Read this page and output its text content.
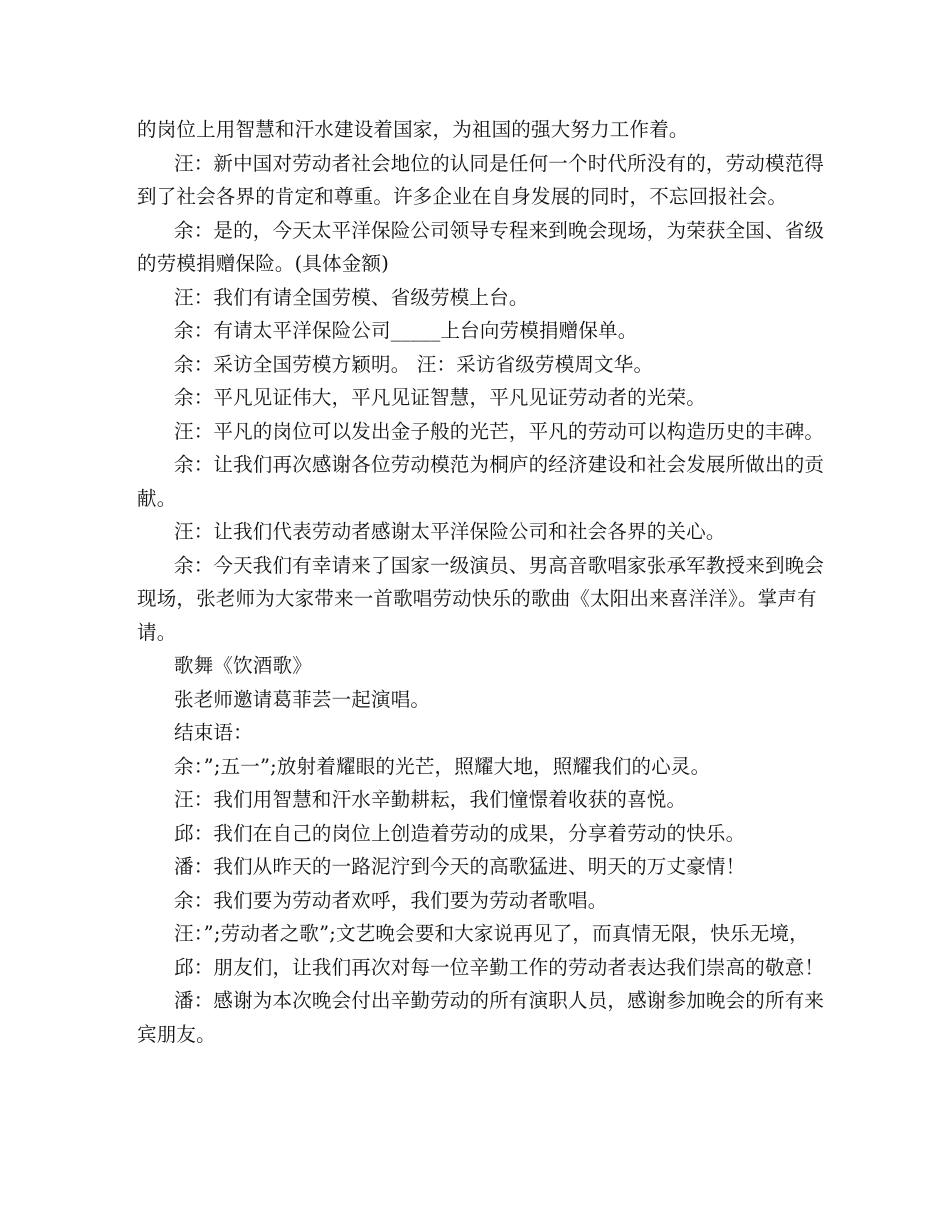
的岗位上用智慧和汗水建设着国家，为祖国的强大努力工作着。

汪：新中国对劳动者社会地位的认同是任何一个时代所没有的，劳动模范得到了社会各界的肯定和尊重。许多企业在自身发展的同时，不忘回报社会。

余：是的，今天太平洋保险公司领导专程来到晚会现场，为荣获全国、省级的劳模捐赠保险。(具体金额)

汪：我们有请全国劳模、省级劳模上台。

余：有请太平洋保险公司_____上台向劳模捐赠保单。

余：采访全国劳模方颖明。 汪：采访省级劳模周文华。

余：平凡见证伟大，平凡见证智慧，平凡见证劳动者的光荣。

汪：平凡的岗位可以发出金子般的光芒，平凡的劳动可以构造历史的丰碑。

余：让我们再次感谢各位劳动模范为桐庐的经济建设和社会发展所做出的贡献。

汪：让我们代表劳动者感谢太平洋保险公司和社会各界的关心。

余：今天我们有幸请来了国家一级演员、男高音歌唱家张承军教授来到晚会现场，张老师为大家带来一首歌唱劳动快乐的歌曲《太阳出来喜洋洋》。掌声有请。

歌舞《饮酒歌》

张老师邀请葛菲芸一起演唱。

结束语：

余：”;五一”;放射着耀眼的光芒，照耀大地，照耀我们的心灵。

汪：我们用智慧和汗水辛勤耕耘，我们憧憬着收获的喜悦。

邱：我们在自己的岗位上创造着劳动的成果，分享着劳动的快乐。

潘：我们从昨天的一路泥泞到今天的高歌猛进、明天的万丈豪情！

余：我们要为劳动者欢呼，我们要为劳动者歌唱。

汪：”;劳动者之歌”;文艺晚会要和大家说再见了，而真情无限，快乐无境，

邱：朋友们，让我们再次对每一位辛勤工作的劳动者表达我们崇高的敬意！

潘：感谢为本次晚会付出辛勤劳动的所有演职人员，感谢参加晚会的所有来宾朋友。
